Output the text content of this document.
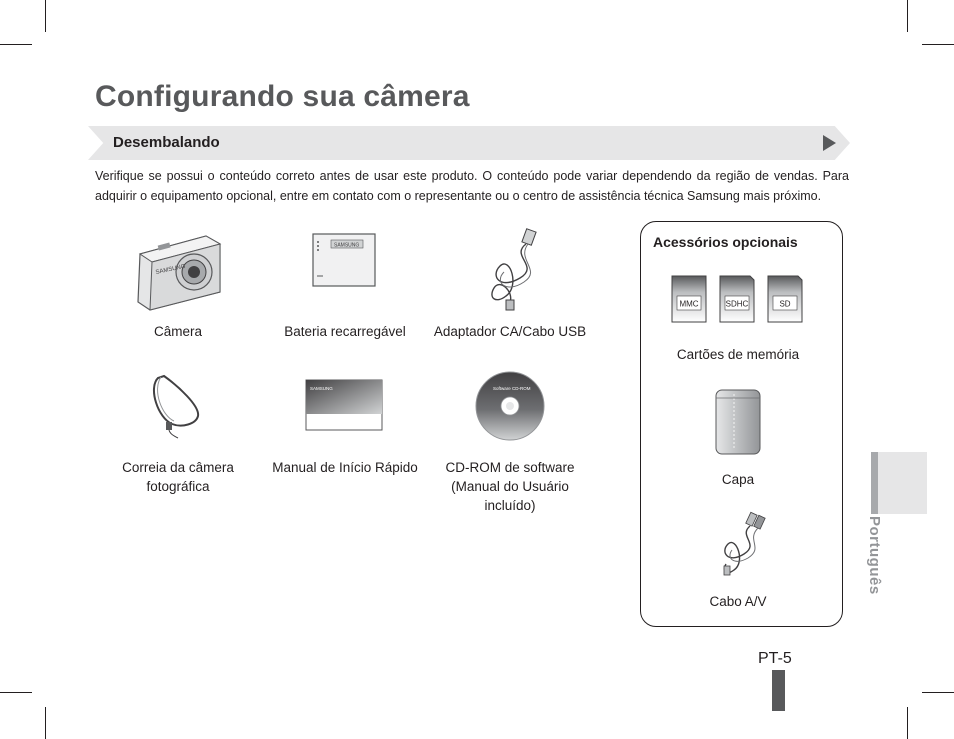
Configurando sua câmera
Desembalando

Verifique se possui o conteúdo correto antes de usar este produto. O conteúdo pode variar dependendo da região de vendas. Para adquirir o equipamento opcional, entre em contato com o representante ou o centro de assistência técnica Samsung mais próximo.

SAMSUNG
Câmera
SAMSUNG
Bateria recarregável	Adaptador CA/Cabo USB
Correia da câmera
fotográfica
SAMSUNG
Manual de Início Rápido
Software CD-ROM
CD-ROM de software
(Manual do Usuário
incluído)
Acessórios opcionais
MMC	SDHC	SD
Cartões de memória
Capa
Cabo A/V
Português
PT-5
